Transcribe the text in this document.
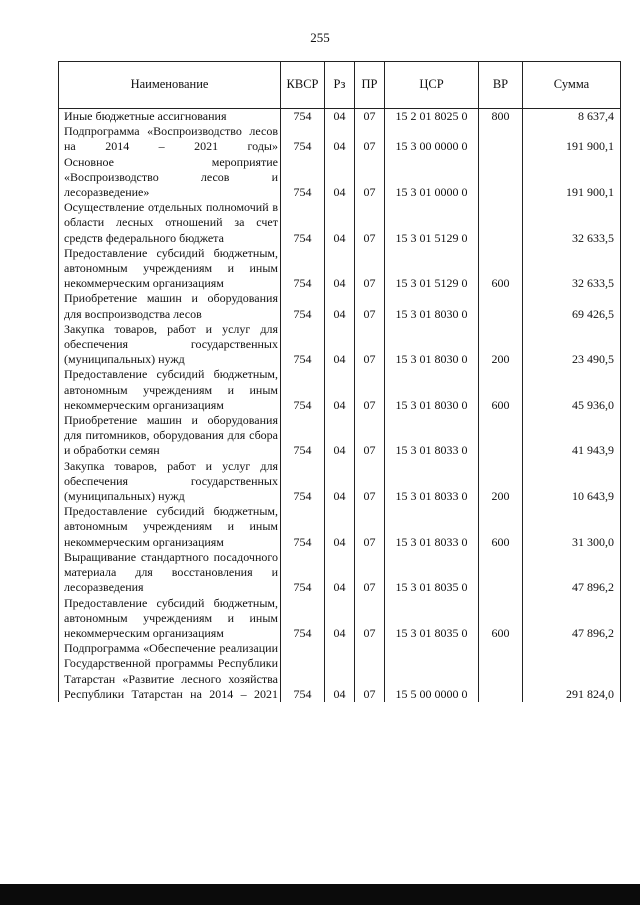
255
Наименование	КВСР	Рз	ПР	ЦСР	ВР	Сумма
Иные бюджетные ассигнования	754	04	07	15 2 01 8025 0	800	8 637,4
Подпрограмма «Воспроизводство лесов на 2014 – 2021 годы»	754	04	07	15 3 00 0000 0		191 900,1
Основное мероприятие «Воспроизводство лесов и лесоразведение»	754	04	07	15 3 01 0000 0		191 900,1
Осуществление отдельных полномочий в области лесных отношений за счет средств федерального бюджета	754	04	07	15 3 01 5129 0		32 633,5
Предоставление субсидий бюджетным, автономным учреждениям и иным некоммерческим организациям	754	04	07	15 3 01 5129 0	600	32 633,5
Приобретение машин и оборудования для воспроизводства лесов	754	04	07	15 3 01 8030 0		69 426,5
Закупка товаров, работ и услуг для обеспечения государственных (муниципальных) нужд	754	04	07	15 3 01 8030 0	200	23 490,5
Предоставление субсидий бюджетным, автономным учреждениям и иным некоммерческим организациям	754	04	07	15 3 01 8030 0	600	45 936,0
Приобретение машин и оборудования для питомников, оборудования для сбора и обработки семян	754	04	07	15 3 01 8033 0		41 943,9
Закупка товаров, работ и услуг для обеспечения государственных (муниципальных) нужд	754	04	07	15 3 01 8033 0	200	10 643,9
Предоставление субсидий бюджетным, автономным учреждениям и иным некоммерческим организациям	754	04	07	15 3 01 8033 0	600	31 300,0
Выращивание стандартного посадочного материала для восстановления и лесоразведения	754	04	07	15 3 01 8035 0		47 896,2
Предоставление субсидий бюджетным, автономным учреждениям и иным некоммерческим организациям	754	04	07	15 3 01 8035 0	600	47 896,2
Подпрограмма «Обеспечение реализации Государственной программы Республики Татарстан «Развитие лесного хозяйства Республики Татарстан на 2014 – 2021	754	04	07	15 5 00 0000 0		291 824,0
